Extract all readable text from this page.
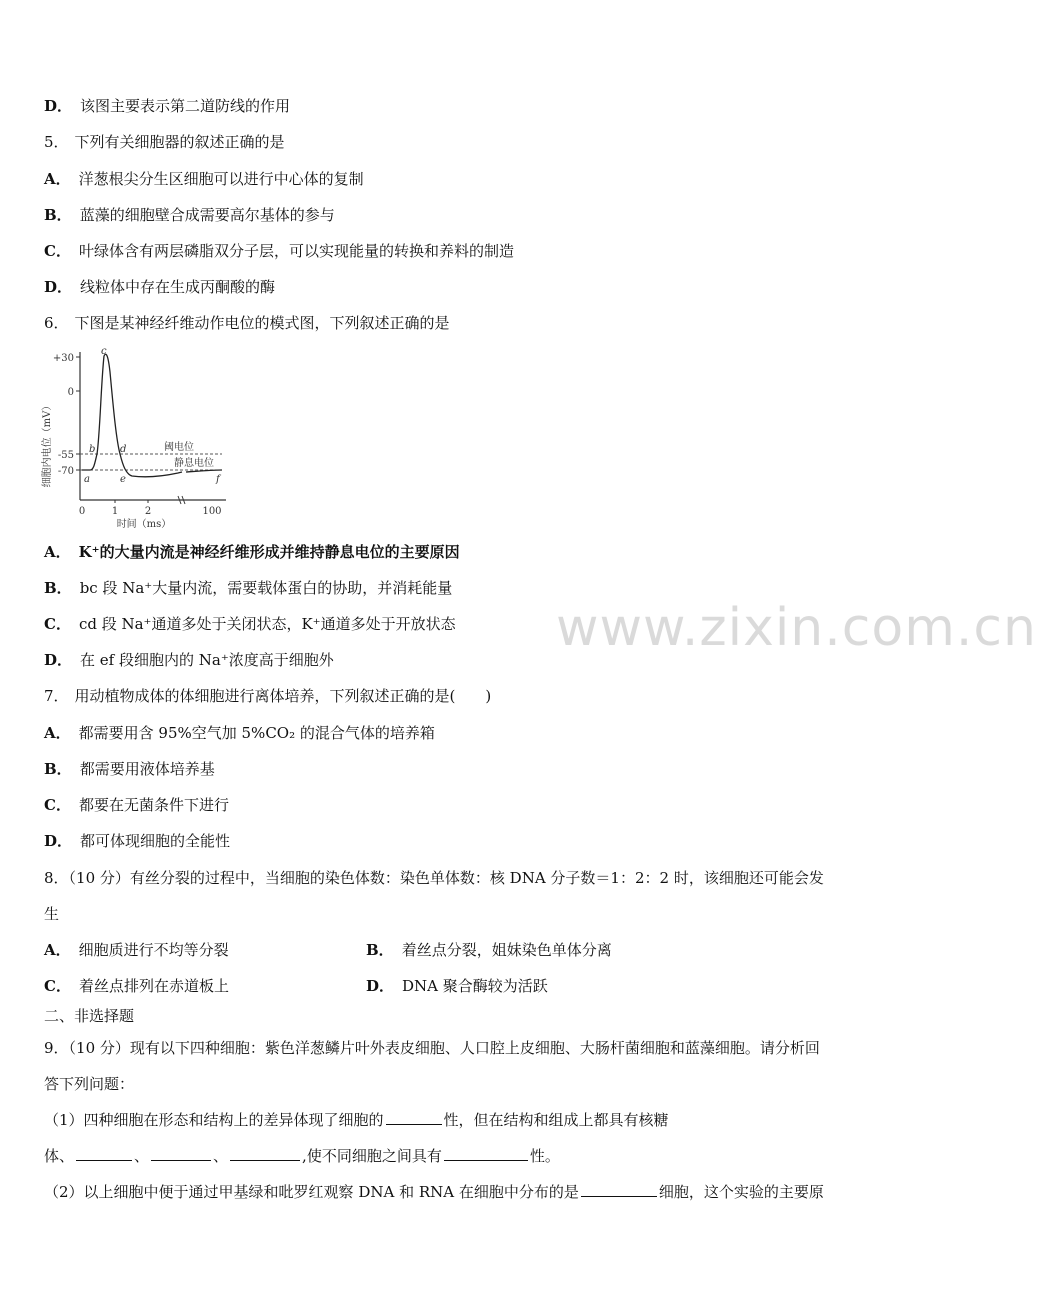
D． 该图主要表示第二道防线的作用
5． 下列有关细胞器的叙述正确的是
A． 洋葱根尖分生区细胞可以进行中心体的复制
B． 蓝藻的细胞壁合成需要高尔基体的参与
C． 叶绿体含有两层磷脂双分子层，可以实现能量的转换和养料的制造
D． 线粒体中存在生成丙酮酸的酶
6． 下图是某神经纤维动作电位的模式图，下列叙述正确的是
细胞内电位（mV）
+30
0
-55
-70
阈电位
静息电位
a
b
c
d
e	f
0	1	2	100
时间（ms）
A． K⁺的大量内流是神经纤维形成并维持静息电位的主要原因
B． bc 段 Na⁺大量内流，需要载体蛋白的协助，并消耗能量
C． cd 段 Na⁺通道多处于关闭状态，K⁺通道多处于开放状态
D． 在 ef 段细胞内的 Na⁺浓度高于细胞外
7． 用动植物成体的体细胞进行离体培养，下列叙述正确的是(　　)
A． 都需要用含 95%空气加 5%CO₂ 的混合气体的培养箱
B． 都需要用液体培养基
C． 都要在无菌条件下进行
D． 都可体现细胞的全能性
8．（10 分）有丝分裂的过程中，当细胞的染色体数：染色单体数：核 DNA 分子数＝1：2：2 时，该细胞还可能会发
生
A． 细胞质进行不均等分裂	B． 着丝点分裂，姐妹染色单体分离
C． 着丝点排列在赤道板上	D． DNA 聚合酶较为活跃
二、非选择题
9．（10 分）现有以下四种细胞：紫色洋葱鳞片叶外表皮细胞、人口腔上皮细胞、大肠杆菌细胞和蓝藻细胞。请分析回
答下列问题：
（1）四种细胞在形态和结构上的差异体现了细胞的	性，但在结构和组成上都具有核糖
体、	、	、	,使不同细胞之间具有	性。
（2）以上细胞中便于通过甲基绿和吡罗红观察 DNA 和 RNA 在细胞中分布的是	细胞，这个实验的主要原
www.zixin.com.cn
